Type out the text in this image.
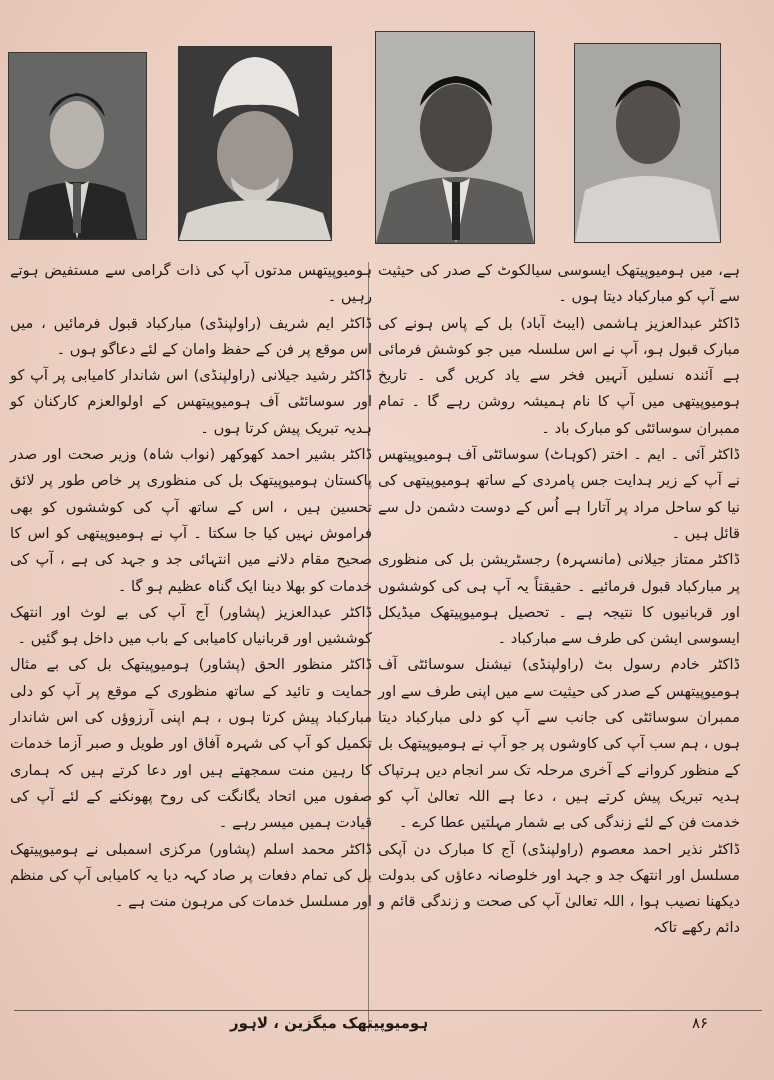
ہے، میں ہومیوپیتھک ایسوسی سیالکوٹ کے صدر کی حیثیت سے آپ کو مبارکباد دیتا ہوں ۔

ڈاکٹر عبدالعزیز ہاشمی (ایبٹ آباد) بل کے پاس ہونے کی مبارک قبول ہو، آپ نے اس سلسلہ میں جو کوشش فرمائی ہے آئندہ نسلیں آنہیں فخر سے یاد کریں گی ۔ تاریخ ہومیوپیتھی میں آپ کا نام ہمیشہ روشن رہے گا ۔ تمام ممبران سوسائٹی کو مبارک باد ۔

ڈاکٹر آئی ۔ ایم ۔ اختر (کوہاٹ) سوسائٹی آف ہومیوپیتھس نے آپ کے زیر ہدایت جس پامردی کے ساتھ ہومیوپیتھی کی نیا کو ساحل مراد پر آتارا ہے اُس کے دوست دشمن دل سے قائل ہیں ۔

ڈاکٹر ممتاز جیلانی (مانسہرہ) رجسٹریشن بل کی منظوری پر مبارکباد قبول فرمائیے ۔ حقیقتاً یہ آپ ہی کی کوششوں اور قربانیوں کا نتیجہ ہے ۔ تحصیل ہومیوپیتھک میڈیکل ایسوسی ایشن کی طرف سے مبارکباد ۔

ڈاکٹر خادم رسول بٹ (راولپنڈی) نیشنل سوسائٹی آف ہومیوپیتھس کے صدر کی حیثیت سے میں اپنی طرف سے اور ممبران سوسائٹی کی جانب سے آپ کو دلی مبارکباد دیتا ہوں ، ہم سب آپ کی کاوشوں پر جو آپ نے ہومیوپیتھک بل کے منظور کروانے کے آخری مرحلہ تک سر انجام دیں ہرتپاک ہدیہ تبریک پیش کرتے ہیں ، دعا ہے اللہ تعالیٰ آپ کو خدمت فن کے لئے زندگی کی بے شمار مہلتیں عطا کرے ۔

ڈاکٹر نذیر احمد معصوم (راولپنڈی) آج کا مبارک دن آپکی مسلسل اور انتھک جد و جہد اور خلوصانہ دعاؤں کی بدولت دیکھنا نصیب ہوا ، اللہ تعالیٰ آپ کی صحت و زندگی قائم و دائم رکھے تاکہ

ہومیوپیتھس مدتوں آپ کی ذات گرامی سے مستفیض ہوتے رہیں ۔

ڈاکٹر ایم شریف (راولپنڈی) مبارکباد قبول فرمائیں ، میں اس موقع پر فن کے حفظ وامان کے لئے دعاگو ہوں ۔

ڈاکٹر رشید جیلانی (راولپنڈی) اس شاندار کامیابی پر آپ کو اور سوسائٹی آف ہومیوپیتھس کے اولوالعزم کارکنان کو ہدیہ تبریک پیش کرتا ہوں ۔

ڈاکٹر بشیر احمد کھوکھر (نواب شاہ) وزیر صحت اور صدر پاکستان ہومیوپیتھک بل کی منظوری پر خاص طور پر لائق تحسین ہیں ، اس کے ساتھ آپ کی کوششوں کو بھی فراموش نہیں کیا جا سکتا ۔ آپ نے ہومیوپیتھی کو اس کا صحیح مقام دلانے میں انتہائی جد و جہد کی ہے ، آپ کی خدمات کو بھلا دینا ایک گناہ عظیم ہو گا ۔

ڈاکٹر عبدالعزیز (پشاور) آج آپ کی بے لوث اور انتھک کوششیں اور قربانیاں کامیابی کے باب میں داخل ہو گئیں ۔

ڈاکٹر منظور الحق (پشاور) ہومیوپیتھک بل کی بے مثال حمایت و تائید کے ساتھ منظوری کے موقع پر آپ کو دلی مبارکباد پیش کرتا ہوں ، ہم اپنی آرزوؤں کی اس شاندار تکمیل کو آپ کی شہرہ آفاق اور طویل و صبر آزما خدمات کا رہین منت سمجھتے ہیں اور دعا کرتے ہیں کہ ہماری صفوں میں اتحاد یگانگت کی روح پھونکنے کے لئے آپ کی قیادت ہمیں میسر رہے ۔

ڈاکٹر محمد اسلم (پشاور) مرکزی اسمبلی نے ہومیوپیتھک بل کی تمام دفعات پر صاد کہہ دیا یہ کامیابی آپ کی منظم اور مسلسل خدمات کی مرہون منت ہے ۔

ہومیوپیتھک میگزین ، لاہور	۸۶
